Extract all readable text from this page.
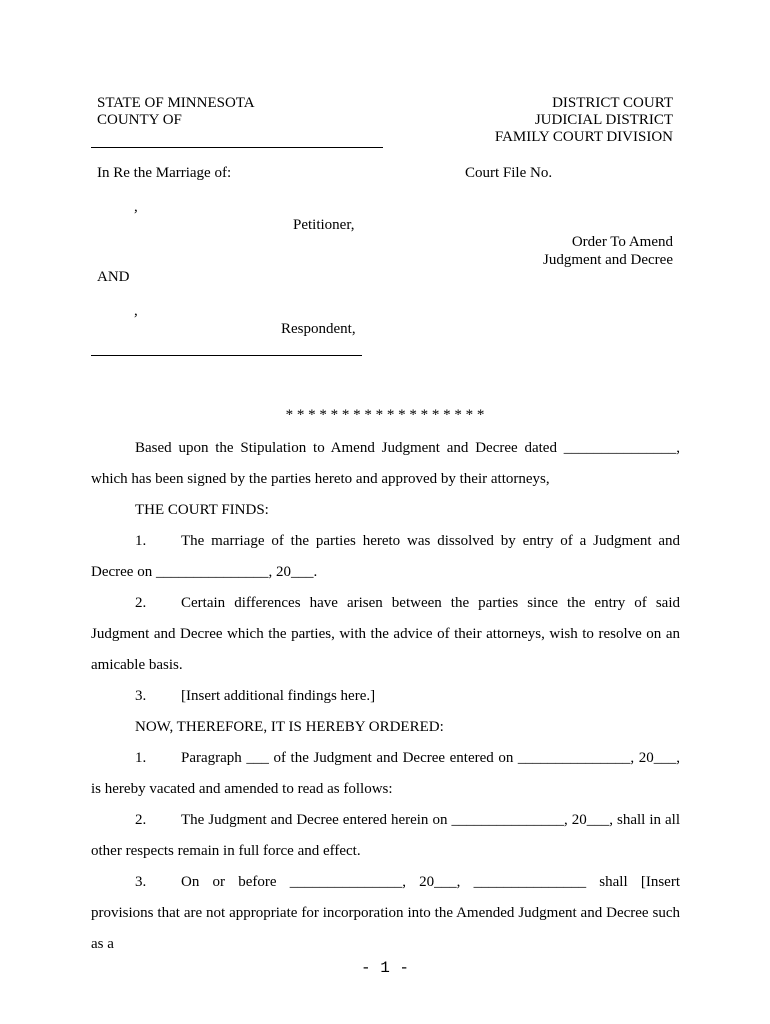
STATE OF MINNESOTA
COUNTY OF
DISTRICT COURT
JUDICIAL DISTRICT
FAMILY COURT DIVISION
In Re the Marriage of:	Court File No.
,
Petitioner,
Order To Amend
Judgment and Decree
AND
,
Respondent,
* * * * * * * * * * * * * * * * * *
Based upon the Stipulation to Amend Judgment and Decree dated _______________, which has been signed by the parties hereto and approved by their attorneys,
THE COURT FINDS:
1. The marriage of the parties hereto was dissolved by entry of a Judgment and Decree on _______________, 20___.
2. Certain differences have arisen between the parties since the entry of said Judgment and Decree which the parties, with the advice of their attorneys, wish to resolve on an amicable basis.
3. [Insert additional findings here.]
NOW, THEREFORE, IT IS HEREBY ORDERED:
1. Paragraph ___ of the Judgment and Decree entered on _______________, 20___, is hereby vacated and amended to read as follows:
2. The Judgment and Decree entered herein on _______________, 20___, shall in all other respects remain in full force and effect.
3. On or before _______________, 20___, _______________ shall [Insert provisions that are not appropriate for incorporation into the Amended Judgment and Decree such as a
- 1 -
